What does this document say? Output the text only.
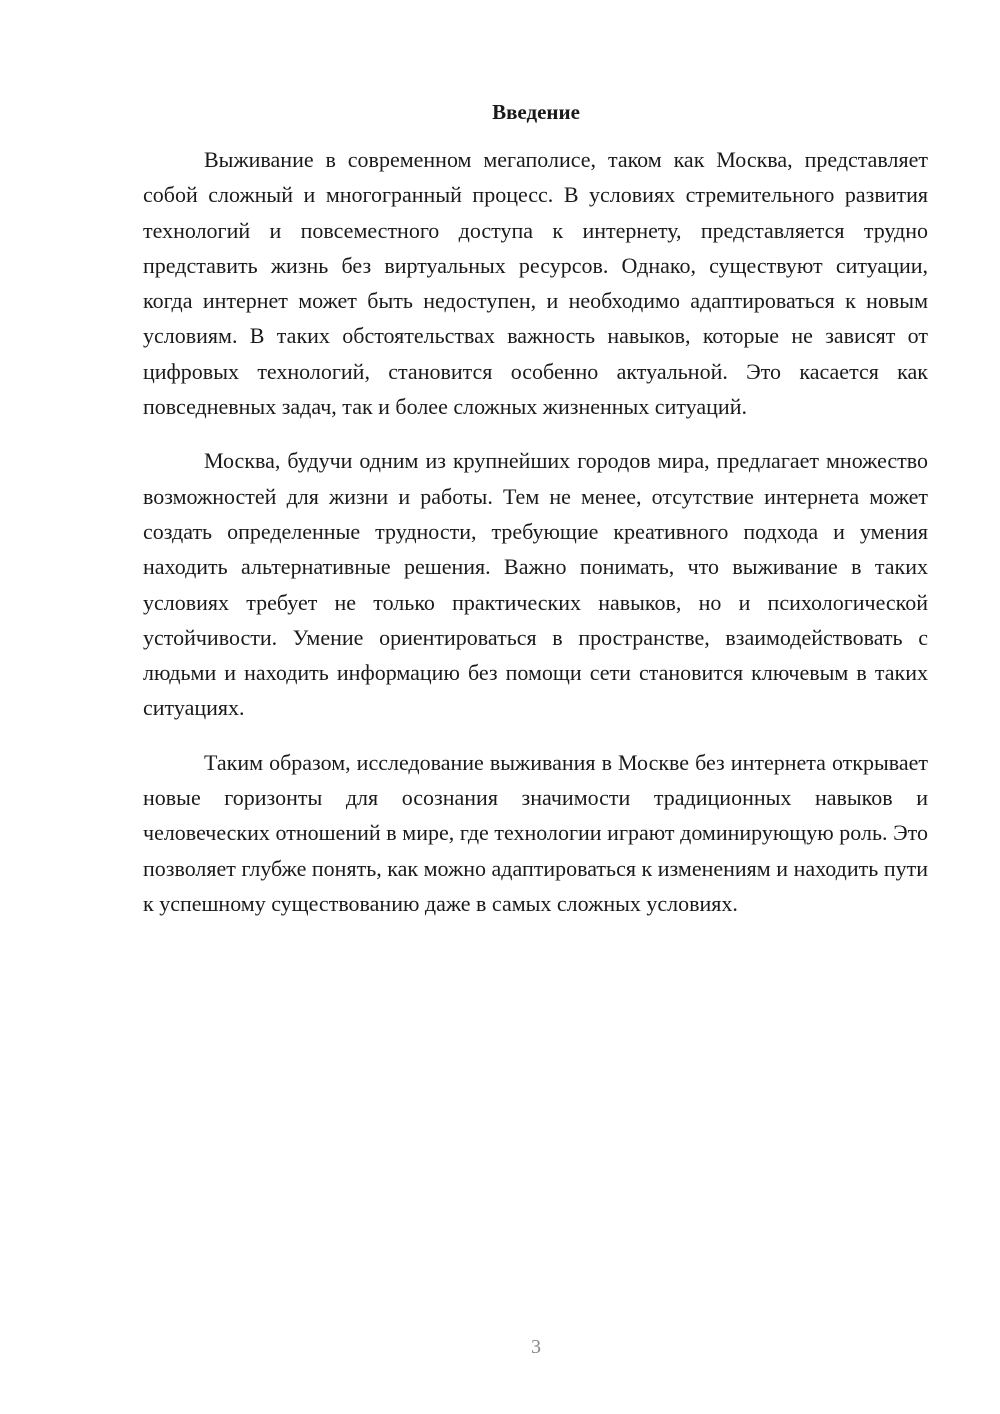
Введение

Выживание в современном мегаполисе, таком как Москва, представляет собой сложный и многогранный процесс. В условиях стремительного развития технологий и повсеместного доступа к интернету, представляется трудно представить жизнь без виртуальных ресурсов. Однако, существуют ситуации, когда интернет может быть недоступен, и необходимо адаптироваться к новым условиям. В таких обстоятельствах важность навыков, которые не зависят от цифровых технологий, становится особенно актуальной. Это касается как повседневных задач, так и более сложных жизненных ситуаций.

Москва, будучи одним из крупнейших городов мира, предлагает множество возможностей для жизни и работы. Тем не менее, отсутствие интернета может создать определенные трудности, требующие креативного подхода и умения находить альтернативные решения. Важно понимать, что выживание в таких условиях требует не только практических навыков, но и психологической устойчивости. Умение ориентироваться в пространстве, взаимодействовать с людьми и находить информацию без помощи сети становится ключевым в таких ситуациях.

Таким образом, исследование выживания в Москве без интернета открывает новые горизонты для осознания значимости традиционных навыков и человеческих отношений в мире, где технологии играют доминирующую роль. Это позволяет глубже понять, как можно адаптироваться к изменениям и находить пути к успешному существованию даже в самых сложных условиях.

3
